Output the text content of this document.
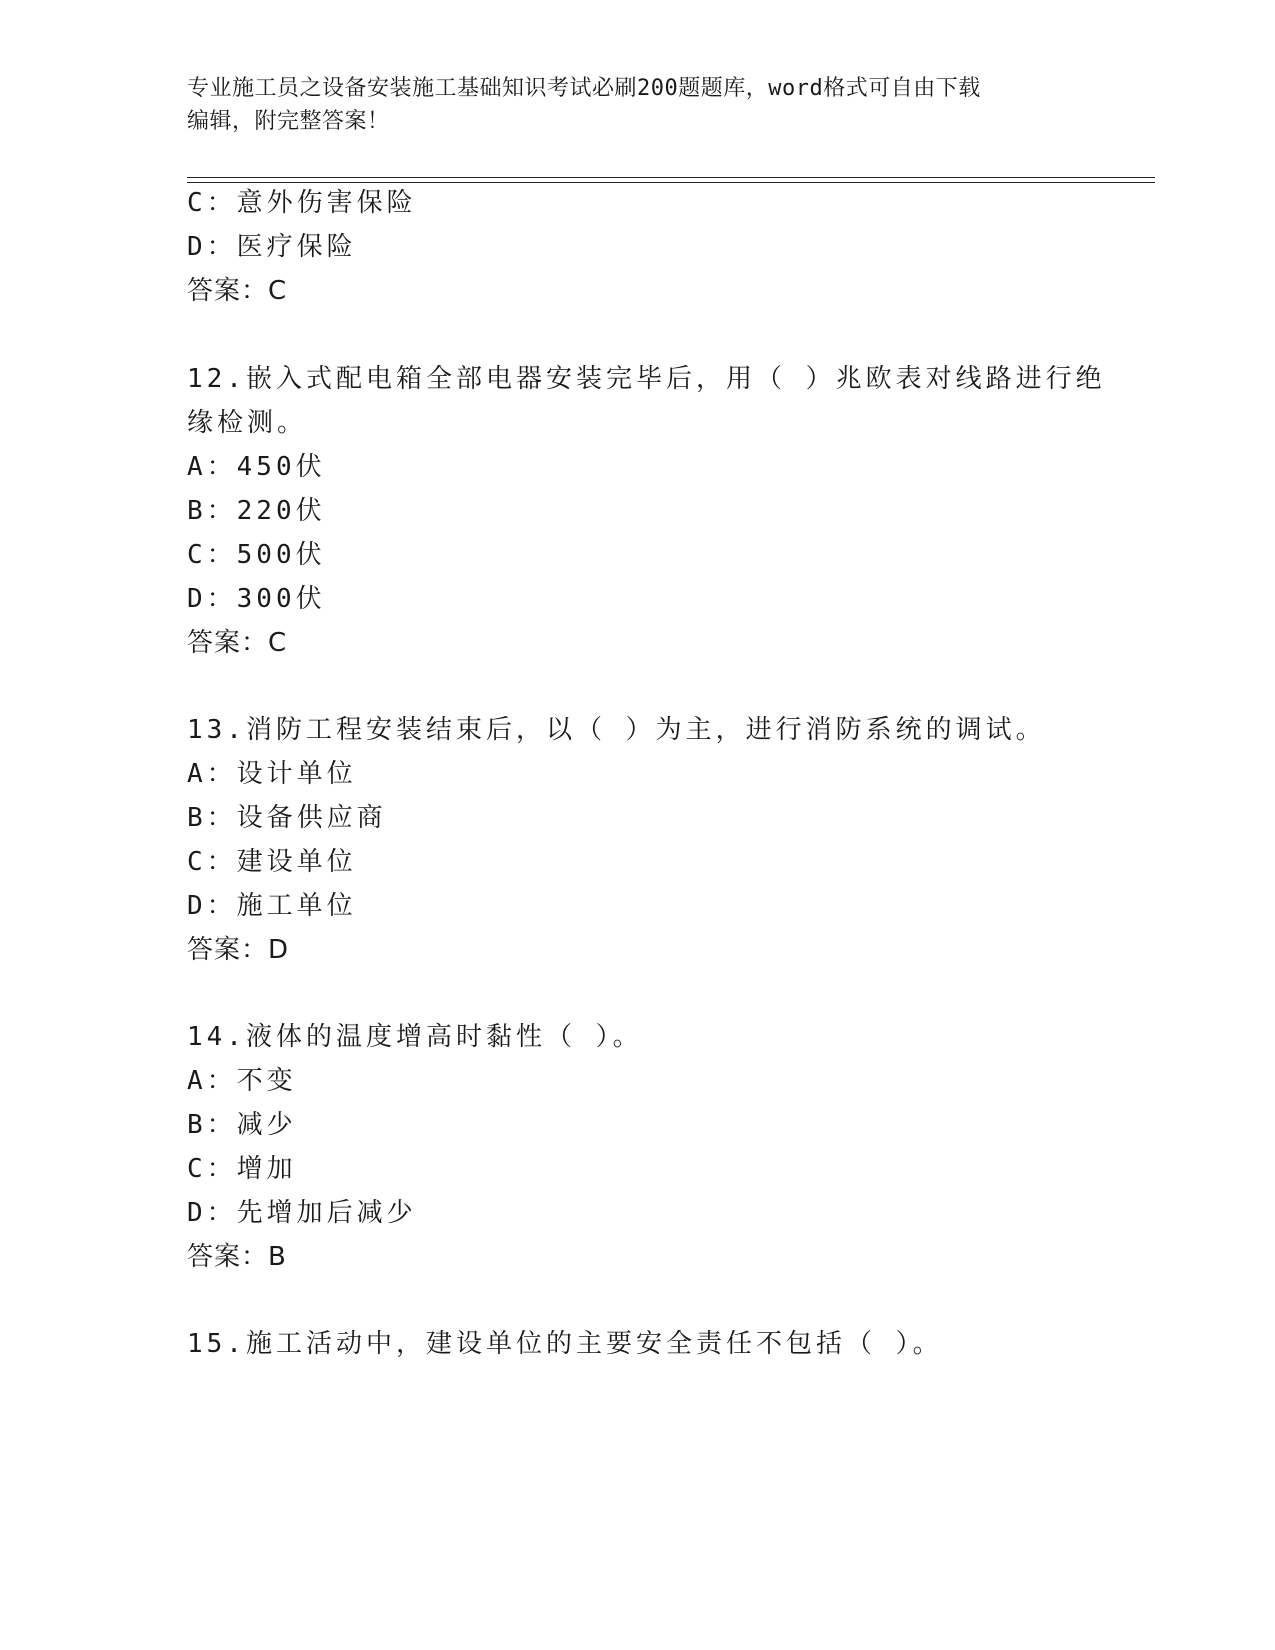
专业施工员之设备安装施工基础知识考试必刷200题题库，word格式可自由下载
编辑，附完整答案！
C：意外伤害保险
D：医疗保险
答案：C
12.嵌入式配电箱全部电器安装完毕后，用（ ）兆欧表对线路进行绝
缘检测。
A：450伏
B：220伏
C：500伏
D：300伏
答案：C
13.消防工程安装结束后，以（ ）为主，进行消防系统的调试。
A：设计单位
B：设备供应商
C：建设单位
D：施工单位
答案：D
14.液体的温度增高时黏性（ ）。
A：不变
B：减少
C：增加
D：先增加后减少
答案：B
15.施工活动中，建设单位的主要安全责任不包括（ ）。
